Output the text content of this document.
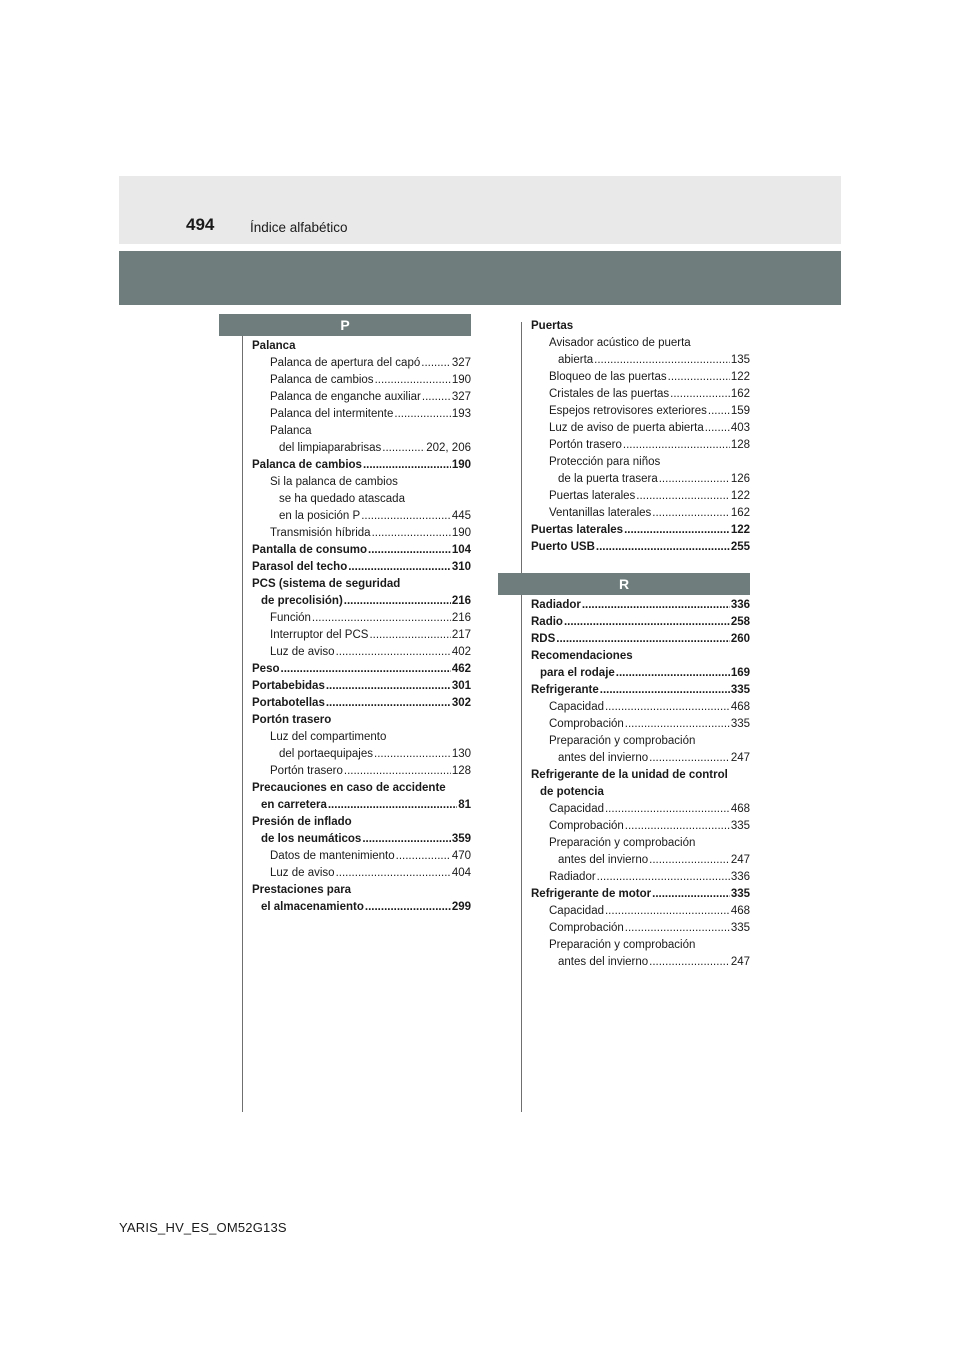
494	Índice alfabético
P
Palanca
Palanca de apertura del capó .....	327
Palanca de cambios .....	190
Palanca de enganche auxiliar .....	327
Palanca del intermitente .....	193
Palanca
del limpiaparabrisas .....	202, 206
Palanca de cambios .....	190
Si la palanca de cambios
se ha quedado atascada
en la posición P .....	445
Transmisión híbrida .....	190
Pantalla de consumo .....	104
Parasol del techo .....	310
PCS (sistema de seguridad
de precolisión) .....	216
Función .....	216
Interruptor del PCS .....	217
Luz de aviso .....	402
Peso .....	462
Portabebidas .....	301
Portabotellas .....	302
Portón trasero
Luz del compartimento
del portaequipajes .....	130
Portón trasero .....	128
Precauciones en caso de accidente
en carretera .....	81
Presión de inflado
de los neumáticos .....	359
Datos de mantenimiento .....	470
Luz de aviso .....	404
Prestaciones para
el almacenamiento .....	299
Puertas
Avisador acústico de puerta
abierta .....	135
Bloqueo de las puertas .....	122
Cristales de las puertas .....	162
Espejos retrovisores exteriores ..... 159
Luz de aviso de puerta abierta ..... 403
Portón trasero .....	128
Protección para niños
de la puerta trasera .....	126
Puertas laterales .....	122
Ventanillas laterales .....	162
Puertas laterales .....	122
Puerto USB .....	255
R
Radiador .....	336
Radio .....	258
RDS .....	260
Recomendaciones
para el rodaje .....	169
Refrigerante .....	335
Capacidad .....	468
Comprobación .....	335
Preparación y comprobación
antes del invierno .....	247
Refrigerante de la unidad de control
de potencia
Capacidad .....	468
Comprobación .....	335
Preparación y comprobación
antes del invierno .....	247
Radiador .....	336
Refrigerante de motor .....	335
Capacidad .....	468
Comprobación .....	335
Preparación y comprobación
antes del invierno .....	247
YARIS_HV_ES_OM52G13S
